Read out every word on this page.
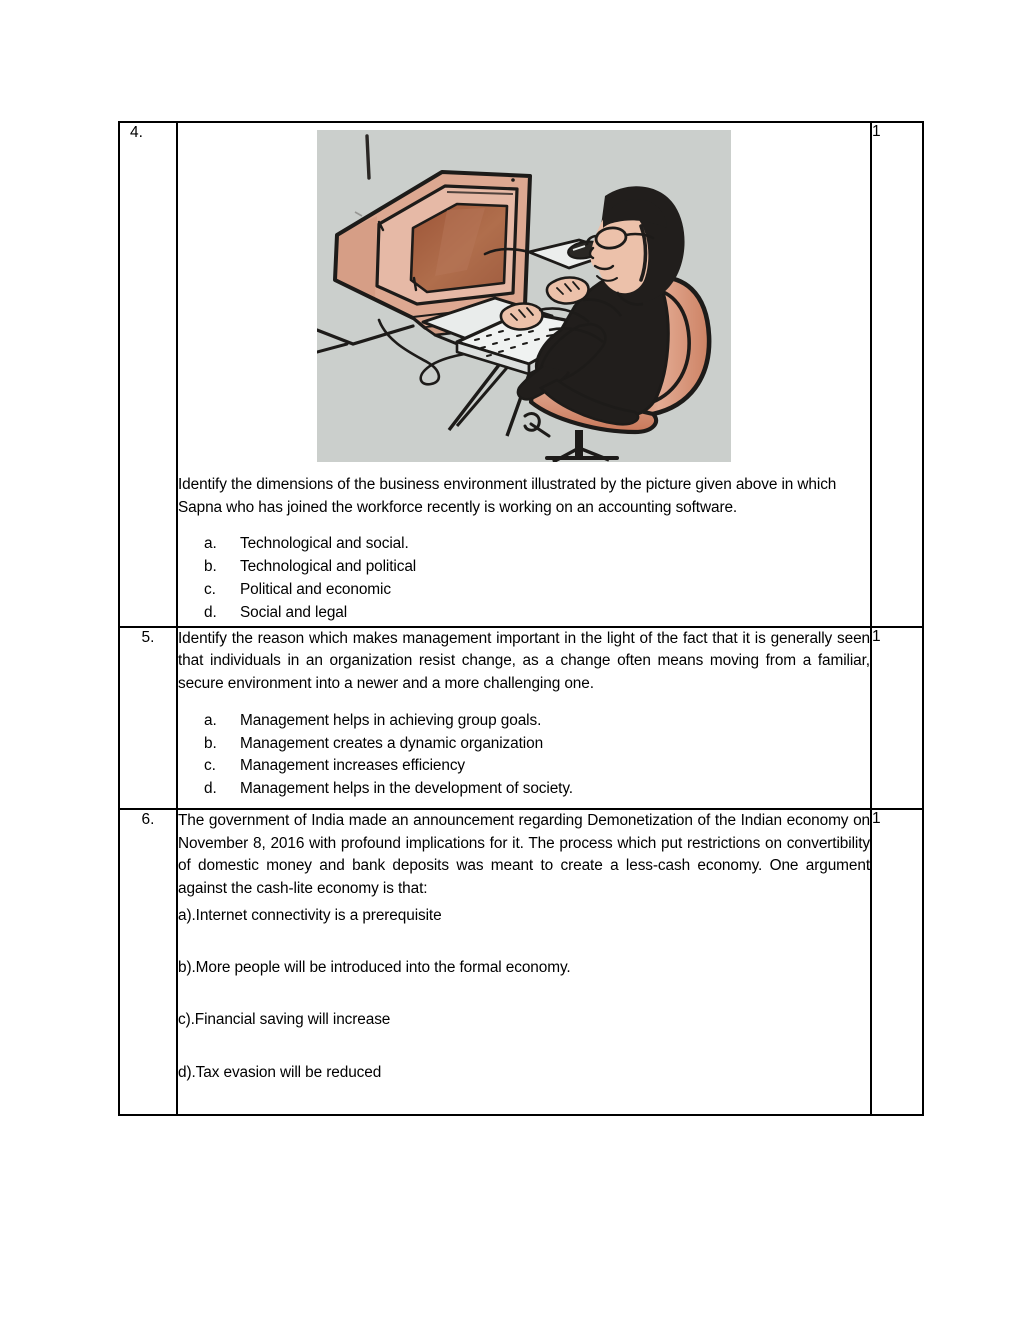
4.	

Identify the dimensions of the business environment illustrated by the picture given above in which Sapna who has joined the workforce recently is working on an accounting software.

a. Technological and social.
b. Technological and political
c. Political and economic
d. Social and legal
	1
5.	Identify the reason which makes management important in the light of the fact that it is generally seen that individuals in an organization resist change, as a change often means moving from a familiar, secure environment into a newer and a more challenging one.

a. Management helps in achieving group goals.
b. Management creates a dynamic organization
c. Management increases efficiency
d. Management helps in the development of society.
	1
6.	The government of India made an announcement regarding Demonetization of the Indian economy on November 8, 2016 with profound implications for it. The process which put restrictions on convertibility of domestic money and bank deposits was meant to create a less-cash economy. One argument against the cash-lite economy is that:

a).Internet connectivity is a prerequisite

b).More people will be introduced into the formal economy.

c).Financial saving will increase

d).Tax evasion will be reduced	1
